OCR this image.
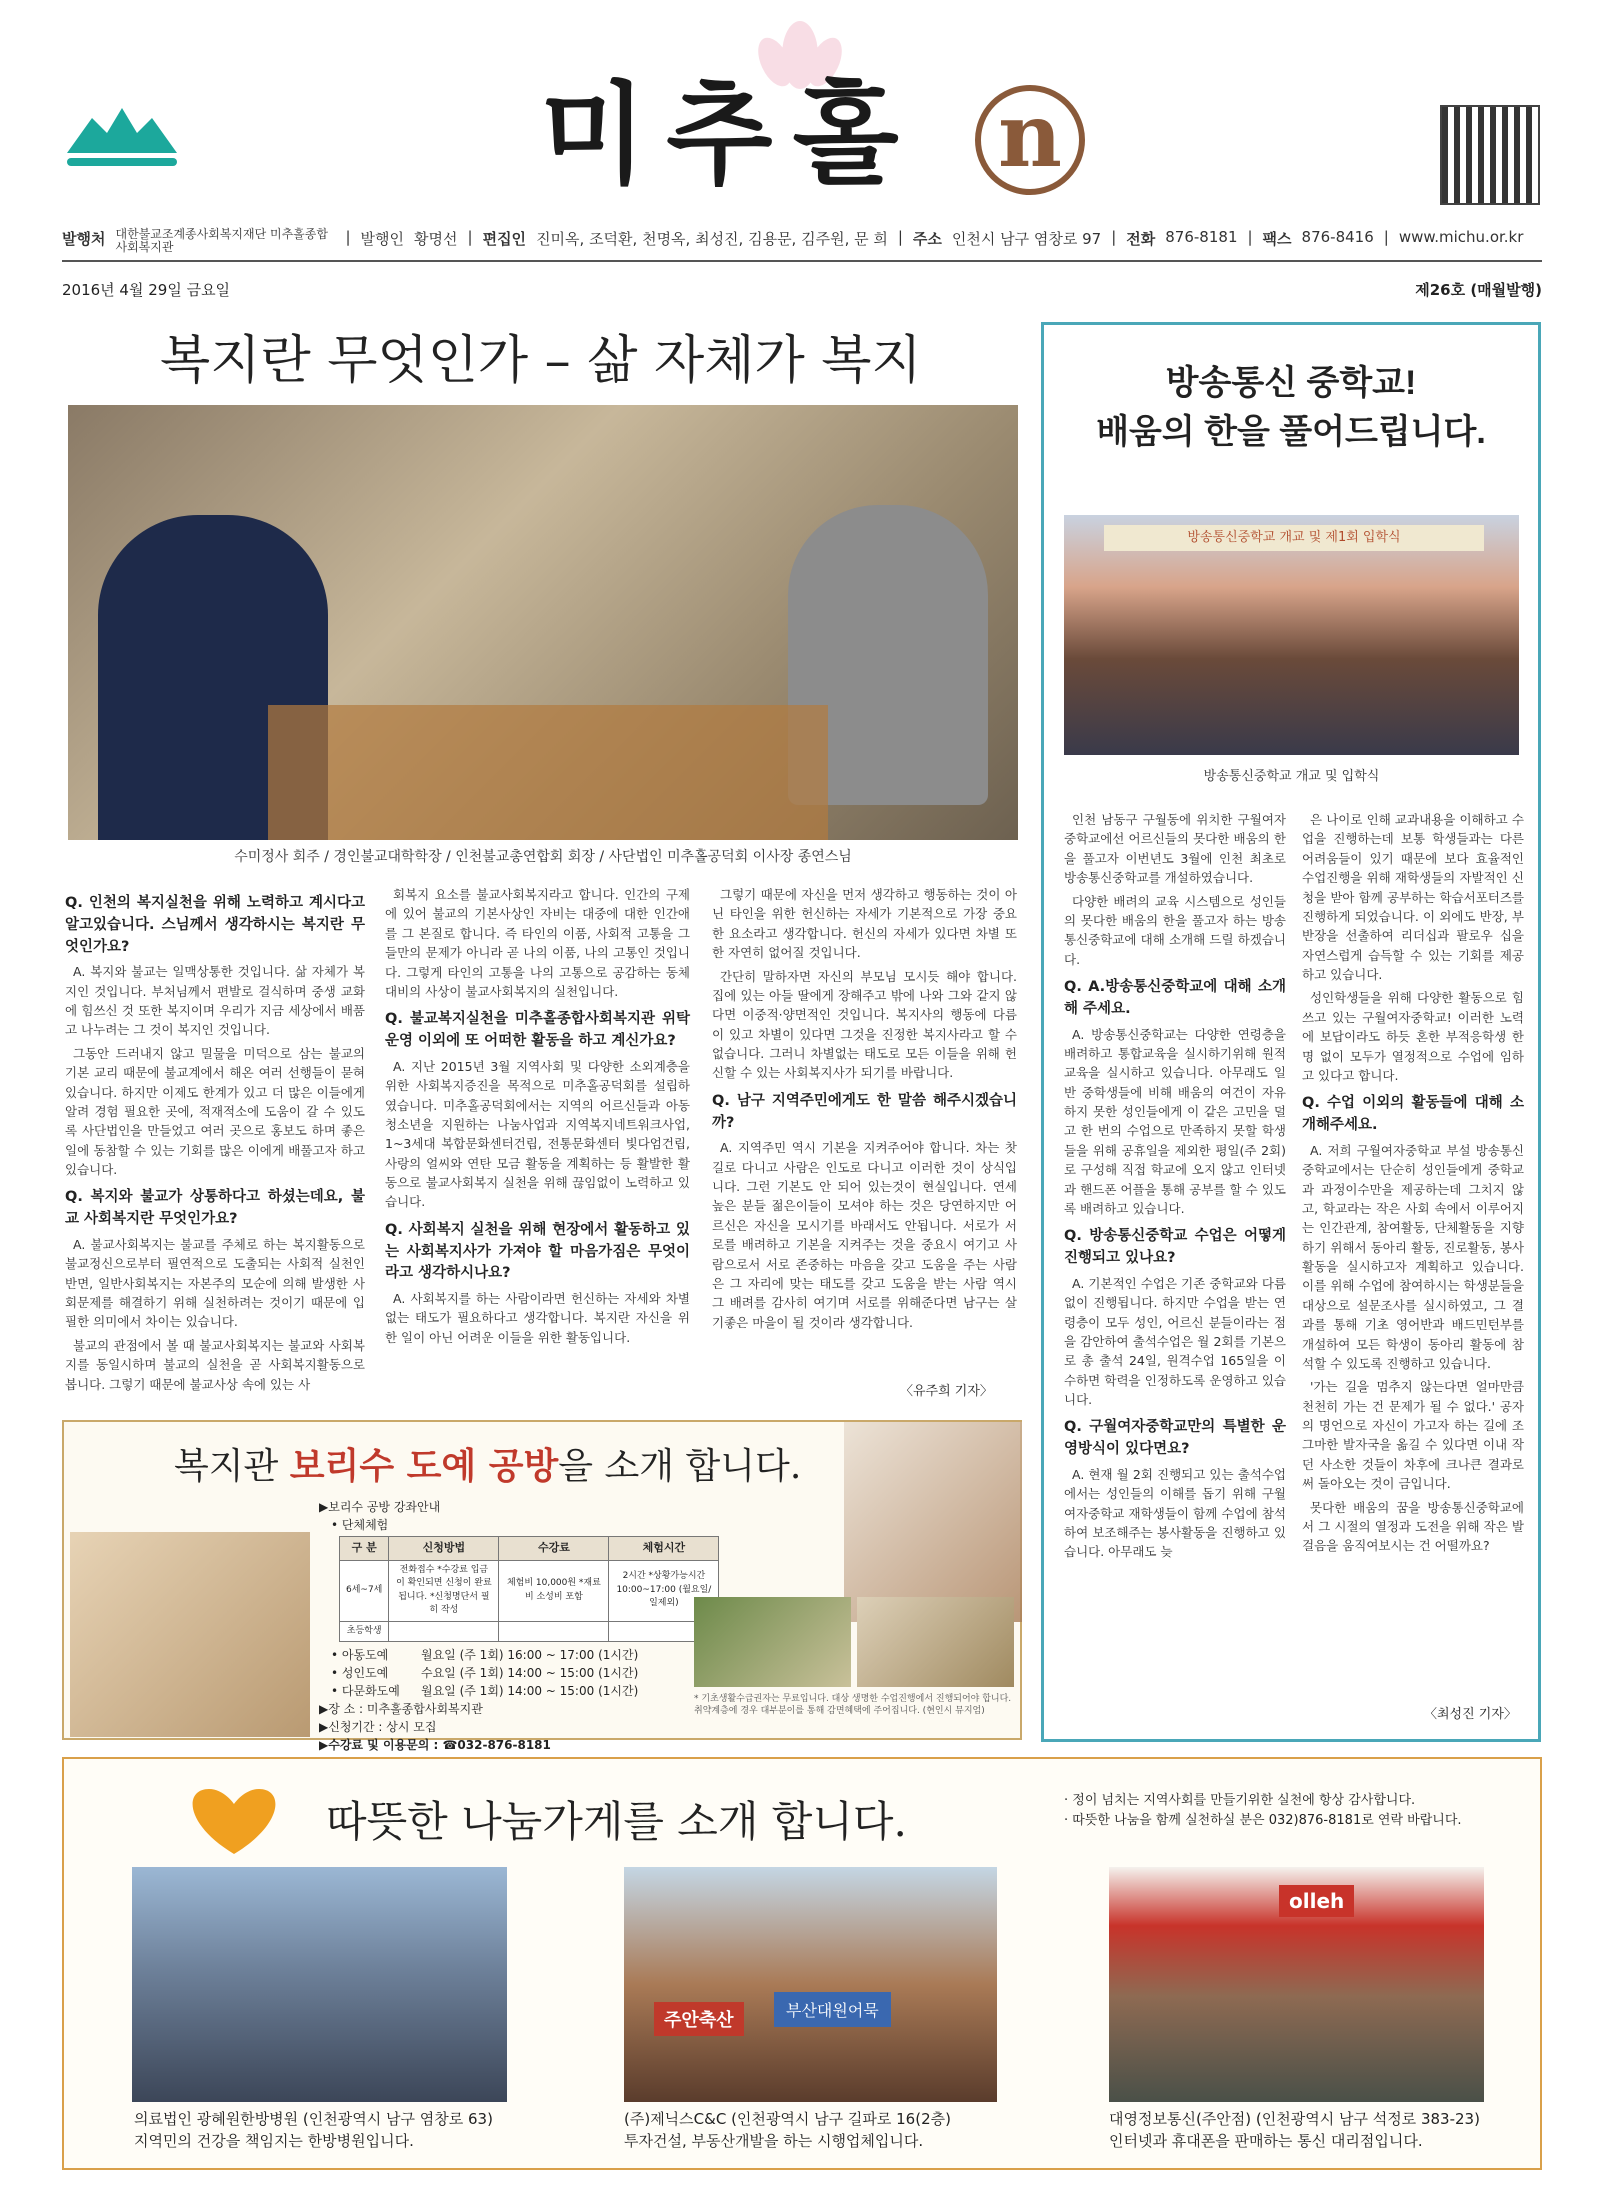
미추홀 n
발행처 대한불교조계종사회복지재단 미추홀종합사회복지관
| 발행인 황명선 | 편집인 진미옥, 조덕환, 천명옥, 최성진, 김용문, 김주원, 문 희 | 주소 인천시 남구 염창로 97 | 전화 876-8181 | 팩스 876-8416 | www.michu.or.kr
2016년 4월 29일 금요일	제26호 (매월발행)
복지란 무엇인가 – 삶 자체가 복지
수미정사 회주 / 경인불교대학학장 / 인천불교총연합회 회장 / 사단법인 미추홀공덕회 이사장 종연스님
Q. 인천의 복지실천을 위해 노력하고 계시다고 알고있습니다. 스님께서 생각하시는 복지란 무엇인가요?
A. 복지와 불교는 일맥상통한 것입니다. 삶 자체가 복지인 것입니다. 부처님께서 편발로 걸식하며 중생 교화에 힘쓰신 것 또한 복지이며 우리가 지금 세상에서 배품고 나누려는 그 것이 복지인 것입니다.
그동안 드러내지 않고 밀물을 미덕으로 삼는 불교의 기본 교리 때문에 불교계에서 해온 여러 선행들이 묻혀있습니다. 하지만 이제도 한계가 있고 더 많은 이들에게 알려 경험 필요한 곳에, 적재적소에 도움이 갈 수 있도록 사단법인을 만들었고 여러 곳으로 홍보도 하며 좋은 일에 동참할 수 있는 기회를 많은 이에게 배풀고자 하고 있습니다.
Q. 복지와 불교가 상통하다고 하셨는데요, 불교 사회복지란 무엇인가요?
A. 불교사회복지는 불교를 주체로 하는 복지활동으로 불교정신으로부터 필연적으로 도출되는 사회적 실천인 반면, 일반사회복지는 자본주의 모순에 의해 발생한 사회문제를 해결하기 위해 실천하려는 것이기 때문에 입필한 의미에서 차이는 있습니다.
불교의 관점에서 볼 때 불교사회복지는 불교와 사회복지를 동일시하며 불교의 실천을 곧 사회복지활동으로 봅니다. 그렇기 때문에 불교사상 속에 있는 사
회복지 요소를 불교사회복지라고 합니다. 인간의 구제에 있어 불교의 기본사상인 자비는 대중에 대한 인간애를 그 본질로 합니다. 즉 타인의 이품, 사회적 고통을 그들만의 문제가 아니라 곧 나의 이품, 나의 고통인 것입니다. 그렇게 타인의 고통을 나의 고통으로 공감하는 동체대비의 사상이 불교사회복지의 실천입니다.
Q. 불교복지실천을 미추홀종합사회복지관 위탁 운영 이외에 또 어떠한 활동을 하고 계신가요?
A. 지난 2015년 3월 지역사회 및 다양한 소외계층을 위한 사회복지증진을 목적으로 미추홀공덕회를 설립하였습니다. 미추홀공덕회에서는 지역의 어르신들과 아동청소년을 지원하는 나눔사업과 지역복지네트워크사업, 1~3세대 복합문화센터건립, 전통문화센터 빛다엄건립, 사랑의 얼씨와 연탄 모금 활동을 계획하는 등 활발한 활동으로 불교사회복지 실천을 위해 끊임없이 노력하고 있습니다.
Q. 사회복지 실천을 위해 현장에서 활동하고 있는 사회복지사가 가져야 할 마음가짐은 무엇이라고 생각하시나요?
A. 사회복지를 하는 사람이라면 헌신하는 자세와 차별없는 태도가 필요하다고 생각합니다. 복지란 자신을 위한 일이 아닌 어려운 이들을 위한 활동입니다.
그렇기 때문에 자신을 먼저 생각하고 행동하는 것이 아닌 타인을 위한 헌신하는 자세가 기본적으로 가장 중요한 요소라고 생각합니다. 헌신의 자세가 있다면 차별 또한 자연히 없어질 것입니다.
간단히 말하자면 자신의 부모님 모시듯 해야 합니다. 집에 있는 아들 딸에게 장해주고 밖에 나와 그와 같지 않다면 이중적·양면적인 것입니다. 복지사의 행동에 다름이 있고 차별이 있다면 그것을 진정한 복지사라고 할 수 없습니다. 그러니 차별없는 태도로 모든 이들을 위해 헌신할 수 있는 사회복지사가 되기를 바랍니다.
Q. 남구 지역주민에게도 한 말씀 해주시겠습니까?
A. 지역주민 역시 기본을 지켜주어야 합니다. 차는 찻길로 다니고 사람은 인도로 다니고 이러한 것이 상식입니다. 그런 기본도 안 되어 있는것이 현실입니다. 연세 높은 분들 젊은이들이 모셔야 하는 것은 당연하지만 어르신은 자신을 모시기를 바래서도 안됩니다. 서로가 서로를 배려하고 기본을 지켜주는 것을 중요시 여기고 사람으로서 서로 존중하는 마음을 갖고 도움을 주는 사람은 그 자리에 맞는 태도를 갖고 도움을 받는 사람 역시 그 배려를 감사히 여기며 서로를 위해준다면 남구는 살기좋은 마을이 될 것이라 생각합니다.
〈유주희 기자〉
방송통신 중학교!
배움의 한을 풀어드립니다.
방송통신중학교 개교 및 제1회 입학식
방송통신중학교 개교 및 입학식
인천 남동구 구월동에 위치한 구월여자중학교에선 어르신들의 못다한 배움의 한을 풀고자 이번년도 3월에 인천 최초로 방송통신중학교를 개설하였습니다.
다양한 배려의 교육 시스템으로 성인들의 못다한 배움의 한을 풀고자 하는 방송통신중학교에 대해 소개해 드릴 하겠습니다.
Q. A.방송통신중학교에 대해 소개해 주세요.
A. 방송통신중학교는 다양한 연령층을 배려하고 통합교육을 실시하기위해 원적 교육을 실시하고 있습니다. 아무래도 일반 중학생들에 비해 배움의 여건이 자유하지 못한 성인들에게 이 같은 고민을 덜고 한 번의 수업으로 만족하지 못할 학생들을 위해 공휴일을 제외한 평일(주 2회)로 구성해 직접 학교에 오지 않고 인터넷과 핸드폰 어플을 통해 공부를 할 수 있도록 배려하고 있습니다.
Q. 방송통신중학교 수업은 어떻게 진행되고 있나요?
A. 기본적인 수업은 기존 중학교와 다름없이 진행됩니다. 하지만 수업을 받는 연령층이 모두 성인, 어르신 분들이라는 점을 감안하여 출석수업은 월 2회를 기본으로 총 출석 24일, 원격수업 165일을 이수하면 학력을 인정하도록 운영하고 있습니다.
Q. 구월여자중학교만의 특별한 운영방식이 있다면요?
A. 현재 월 2회 진행되고 있는 출석수업에서는 성인들의 이해를 돕기 위해 구월여자중학교 재학생들이 함께 수업에 참석하여 보조해주는 봉사활동을 진행하고 있습니다. 아무래도 늦
은 나이로 인해 교과내용을 이해하고 수업을 진행하는데 보통 학생들과는 다른 어려움들이 있기 때문에 보다 효율적인 수업진행을 위해 재학생들의 자발적인 신청을 받아 함께 공부하는 학습서포터즈를 진행하게 되었습니다. 이 외에도 반장, 부반장을 선출하여 리더십과 팔로우 십을 자연스럽게 습득할 수 있는 기회를 제공하고 있습니다.
성인학생들을 위해 다양한 활동으로 힘쓰고 있는 구월여자중학교! 이러한 노력에 보답이라도 하듯 혼한 부적응학생 한 명 없이 모두가 열정적으로 수업에 임하고 있다고 합니다.
Q. 수업 이외의 활동들에 대해 소개해주세요.
A. 저희 구월여자중학교 부설 방송통신중학교에서는 단순히 성인들에게 중학교과 과정이수만을 제공하는데 그치지 않고, 학교라는 작은 사회 속에서 이루어지는 인간관계, 참여활동, 단체활동을 지향하기 위해서 동아리 활동, 진로활동, 봉사활동을 실시하고자 계획하고 있습니다. 이를 위해 수업에 참여하시는 학생분들을 대상으로 설문조사를 실시하였고, 그 결과를 통해 기초 영어반과 배드민턴부를 개설하여 모든 학생이 동아리 활동에 참석할 수 있도록 진행하고 있습니다.
'가는 길을 멈추지 않는다면 얼마만큼 천천히 가는 건 문제가 될 수 없다.' 공자의 명언으로 자신이 가고자 하는 길에 조그마한 발자국을 옮길 수 있다면 이내 작던 사소한 것들이 차후에 크나큰 결과로써 돌아오는 것이 금입니다.
못다한 배움의 꿈을 방송통신중학교에서 그 시절의 열정과 도전을 위해 작은 발걸음을 움직여보시는 건 어떨까요?
〈최성진 기자〉
복지관 보리수 도예 공방을 소개 합니다.
▶보리수 공방 강좌안내
• 단체체험
구 분	신청방법	수강료	체험시간
6세~7세	전화접수 *수강료 입금이 확인되면 신청이 완료 됩니다. *신청명단서 필히 작성	체험비 10,000원 *재료비 소성비 포함	2시간 *상황가능시간 10:00~17:00 (월요일/일제외)
초등학생			
• 아동도예	월요일 (주 1회) 16:00 ~ 17:00 (1시간)
• 성인도예	수요일 (주 1회) 14:00 ~ 15:00 (1시간)
• 다문화도예 월요일 (주 1회) 14:00 ~ 15:00 (1시간)
▶장 소 : 미추홀종합사회복지관
▶신청기간 : 상시 모집
▶수강료 및 이용문의 : ☎032-876-8181
* 기초생활수급권자는 무료입니다. 대상 생명한 수업진행에서 진행되어야 합니다. 취약계층에 경우 대부분이를 통해 감면혜택에 주어집니다. (현인시 뮤지엄)
따뜻한 나눔가게를 소개 합니다.	· 정이 넘치는 지역사회를 만들기위한 실천에 항상 감사합니다.
· 따뜻한 나눔을 함께 실천하실 분은 032)876-8181로 연락 바랍니다.
주안축산	부산대원어묵
olleh
의료법인 광혜원한방병원 (인천광역시 남구 염창로 63)
지역민의 건강을 책임지는 한방병원입니다.
(주)제닉스C&C (인천광역시 남구 길파로 16(2층)
투자건설, 부동산개발을 하는 시행업체입니다.
대영정보통신(주안점) (인천광역시 남구 석정로 383-23)
인터넷과 휴대폰을 판매하는 통신 대리점입니다.
